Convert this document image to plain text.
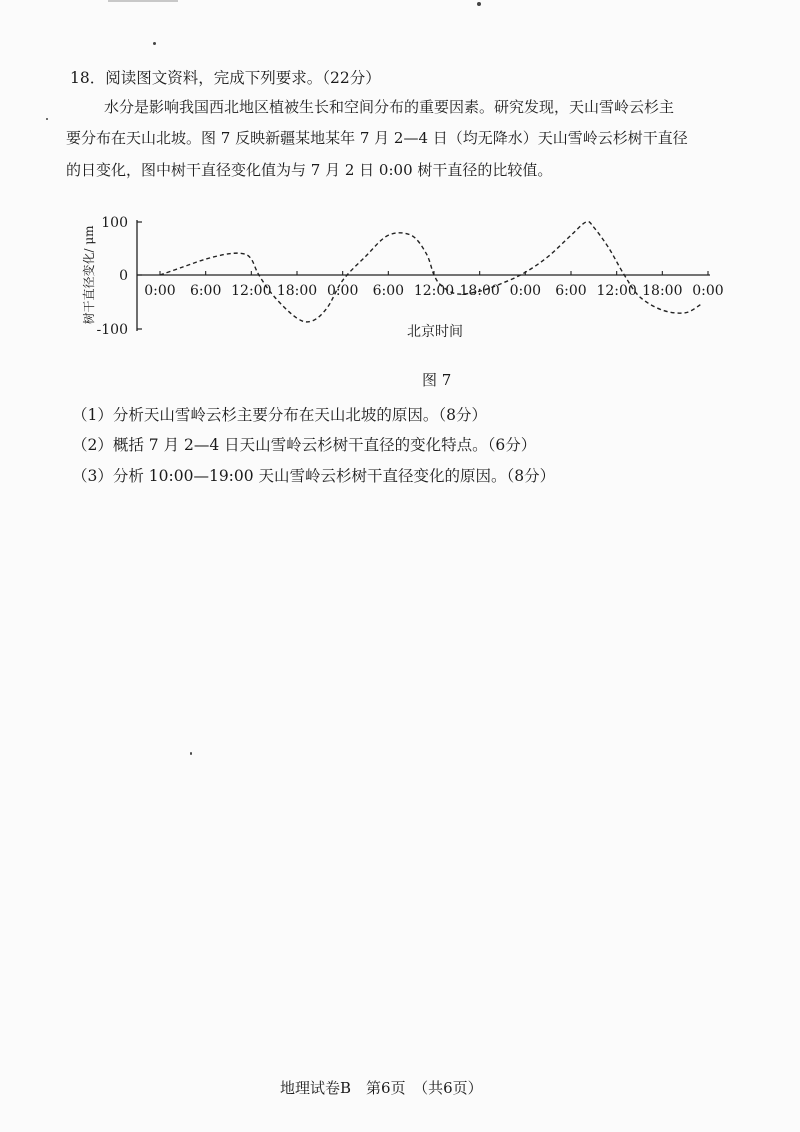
18．阅读图文资料，完成下列要求。（22分）
水分是影响我国西北地区植被生长和空间分布的重要因素。研究发现，天山雪岭云杉主
要分布在天山北坡。图 7 反映新疆某地某年 7 月 2—4 日（均无降水）天山雪岭云杉树干直径
的日变化，图中树干直径变化值为与 7 月 2 日 0:00 树干直径的比较值。
100
0
-100
0:00 6:00 12:00 18:00 0:00 6:00 12:00 18:00 0:00 6:00 12:00 18:00 0:00
树干直径变化/ μm
北京时间
图 7
（1）分析天山雪岭云杉主要分布在天山北坡的原因。（8分）
（2）概括 7 月 2—4 日天山雪岭云杉树干直径的变化特点。（6分）
（3）分析 10:00—19:00 天山雪岭云杉树干直径变化的原因。（8分）
地理试卷B　第6页　（共6页）
